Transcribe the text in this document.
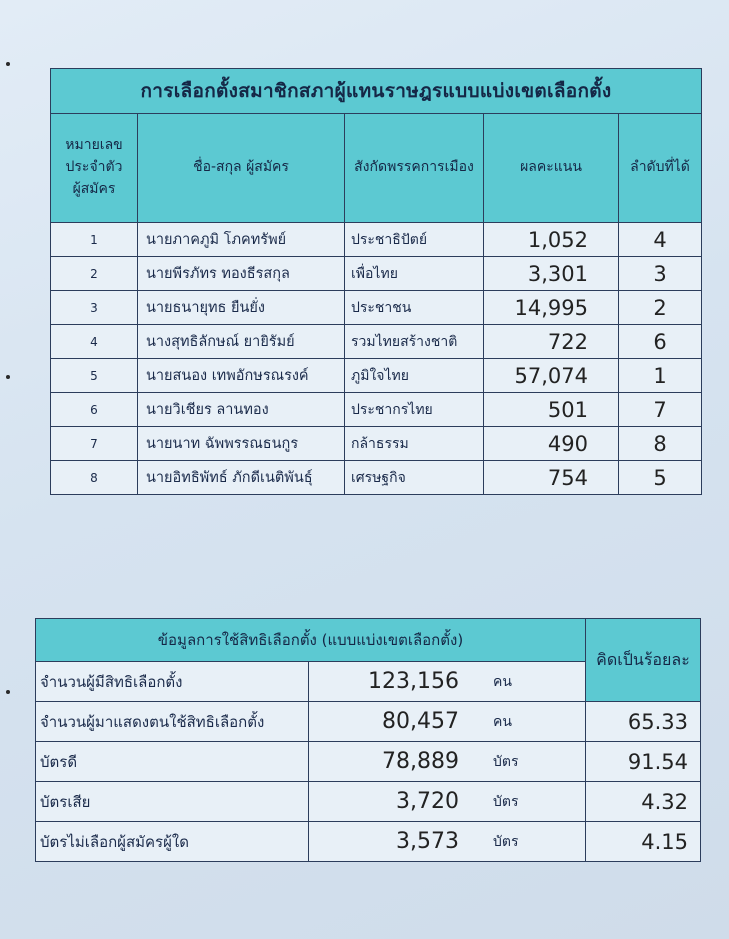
การเลือกตั้งสมาชิกสภาผู้แทนราษฎรแบบแบ่งเขตเลือกตั้ง				
หมายเลข
ประจำตัว
ผู้สมัคร	ชื่อ-สกุล ผู้สมัคร	สังกัดพรรคการเมือง	ผลคะแนน	ลำดับที่ได้
1	นายภาคภูมิ โภคทรัพย์	ประชาธิปัตย์	1,052	4
2	นายพีรภัทร ทองธีรสกุล	เพื่อไทย	3,301	3
3	นายธนายุทธ ยืนยั่ง	ประชาชน	14,995	2
4	นางสุทธิลักษณ์ ยายิรัมย์	รวมไทยสร้างชาติ	722	6
5	นายสนอง เทพอักษรณรงค์	ภูมิใจไทย	57,074	1
6	นายวิเชียร ลานทอง	ประชากรไทย	501	7
7	นายนาท ฉัพพรรณธนกูร	กล้าธรรม	490	8
8	นายอิทธิพัทธ์ ภักดีเนติพันธุ์	เศรษฐกิจ	754	5
ข้อมูลการใช้สิทธิเลือกตั้ง (แบบแบ่งเขตเลือกตั้ง)			คิดเป็นร้อยละ
จำนวนผู้มีสิทธิเลือกตั้ง	123,156	คน	
จำนวนผู้มาแสดงตนใช้สิทธิเลือกตั้ง	80,457	คน	65.33
บัตรดี	78,889	บัตร	91.54
บัตรเสีย	3,720	บัตร	4.32
บัตรไม่เลือกผู้สมัครผู้ใด	3,573	บัตร	4.15
